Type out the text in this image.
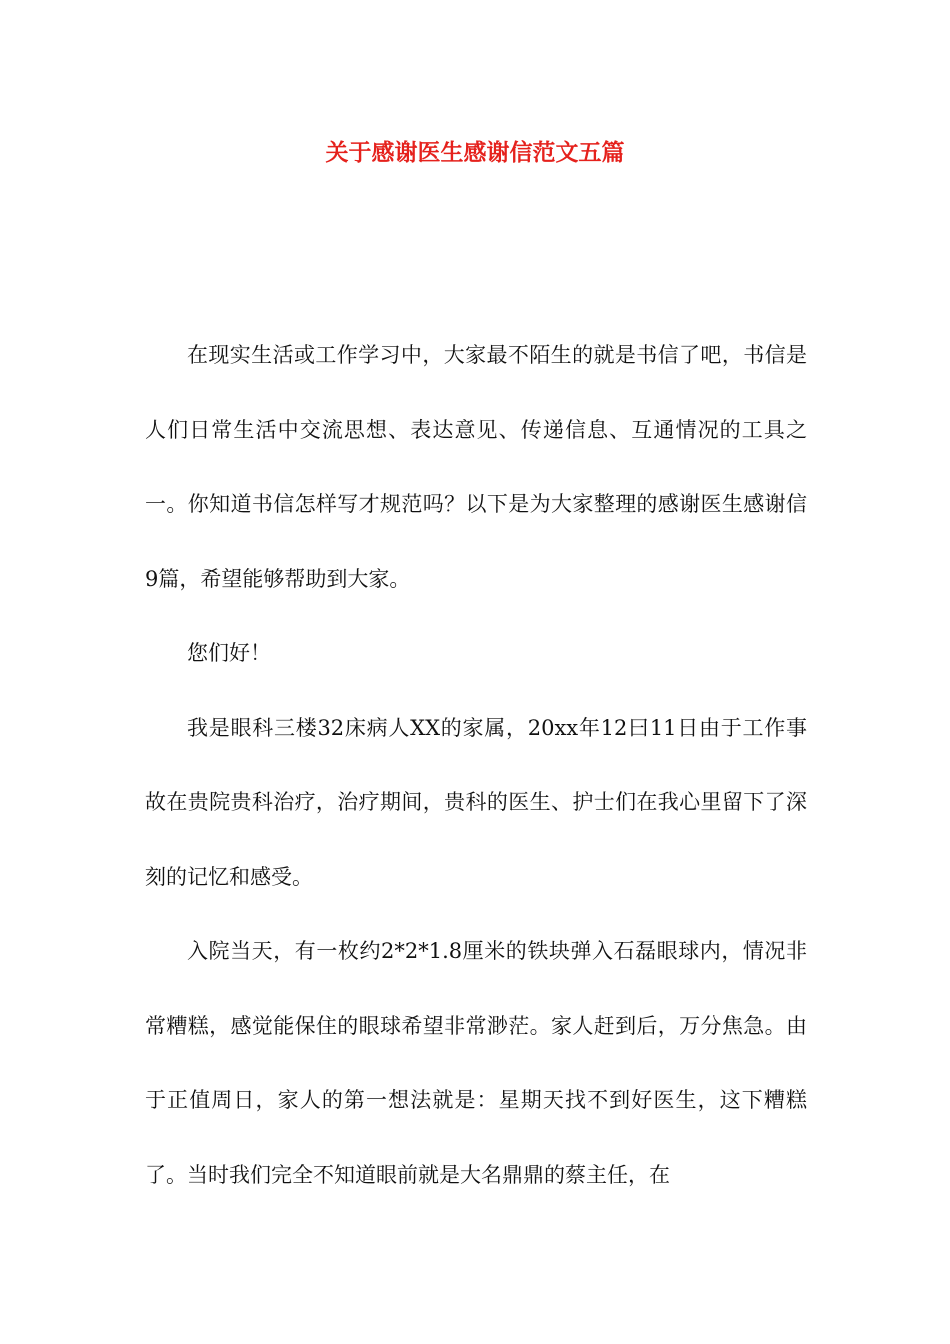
关于感谢医生感谢信范文五篇

在现实生活或工作学习中，大家最不陌生的就是书信了吧，书信是人们日常生活中交流思想、表达意见、传递信息、互通情况的工具之一。你知道书信怎样写才规范吗？以下是为大家整理的感谢医生感谢信9篇，希望能够帮助到大家。

您们好！

我是眼科三楼32床病人XX的家属，20xx年12曰11日由于工作事故在贵院贵科治疗，治疗期间，贵科的医生、护士们在我心里留下了深刻的记忆和感受。

入院当天，有一枚约2*2*1.8厘米的铁块弹入石磊眼球内，情况非常糟糕，感觉能保住的眼球希望非常渺茫。家人赶到后，万分焦急。由于正值周日，家人的第一想法就是：星期天找不到好医生，这下糟糕了。当时我们完全不知道眼前就是大名鼎鼎的蔡主任，在
